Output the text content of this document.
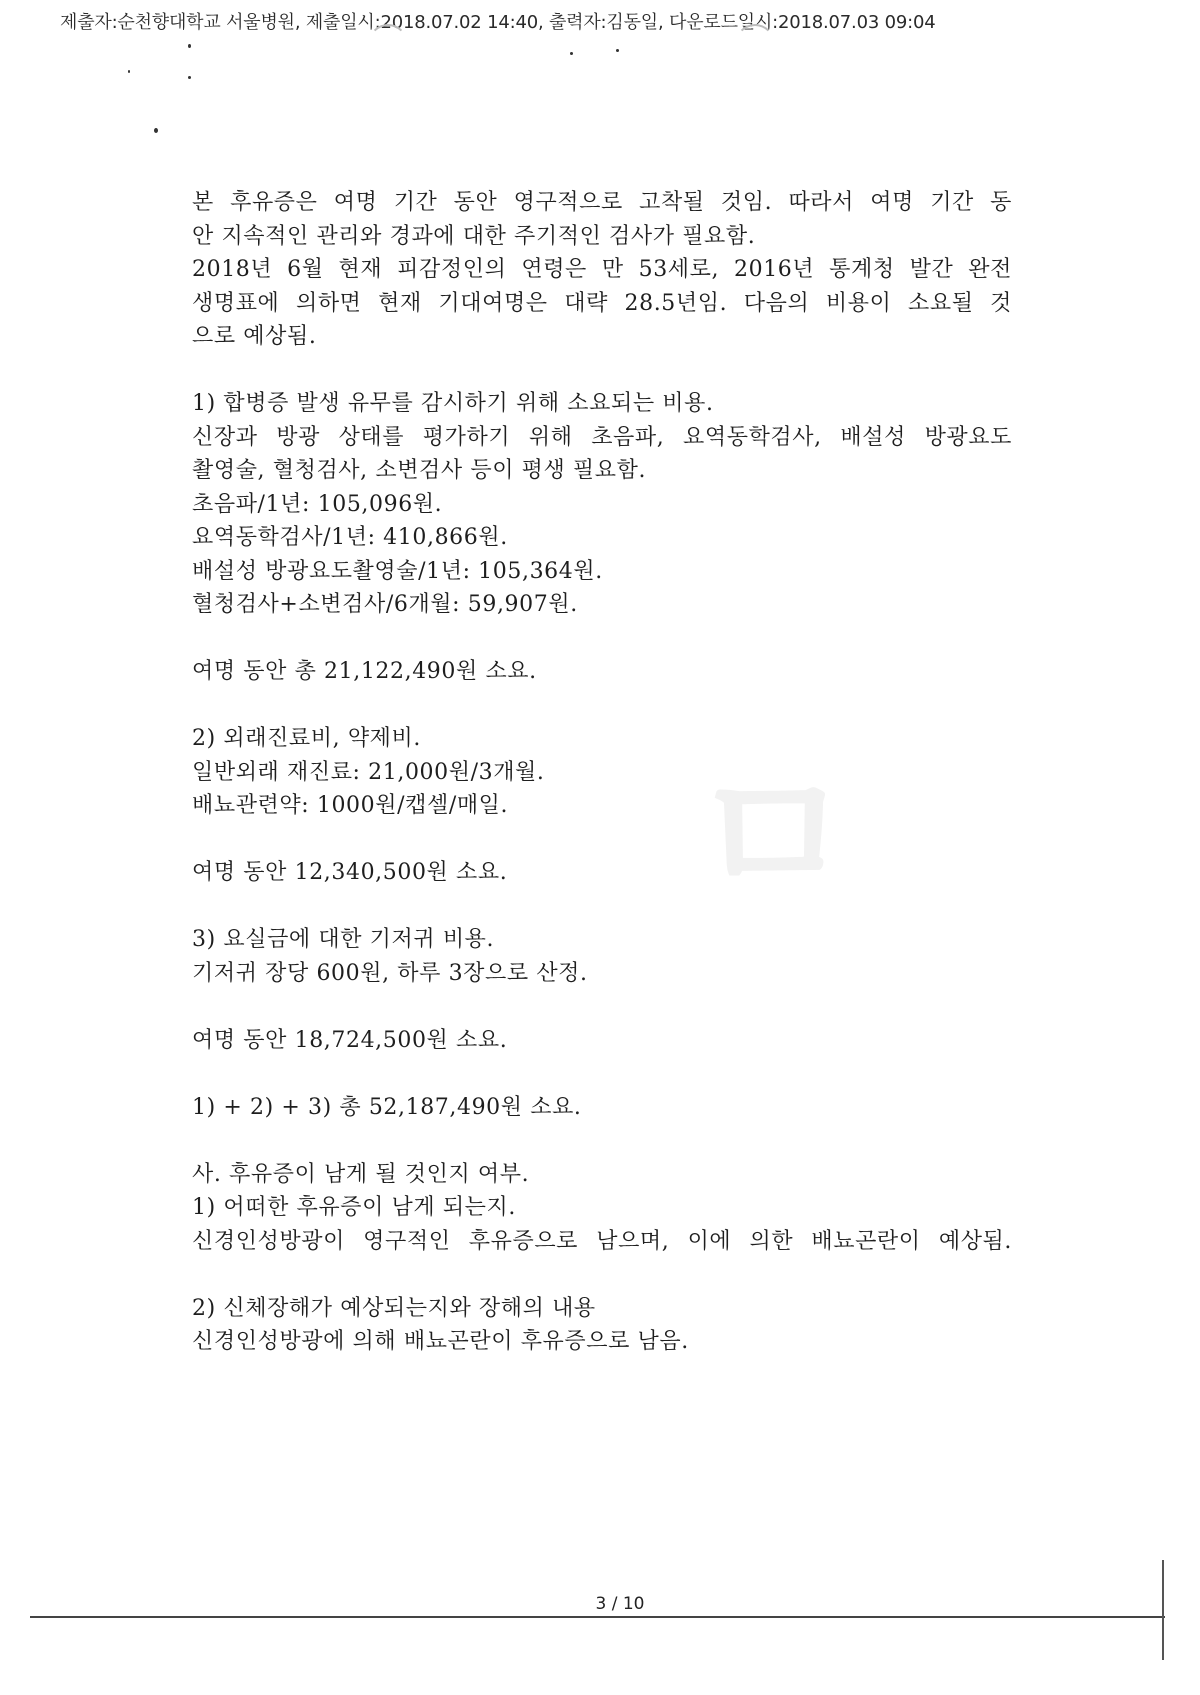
제출자:순천향대학교 서울병원, 제출일시:2018.07.02 14:40, 출력자:김동일, 다운로드일시:2018.07.03 09:04
ㅁ
본 후유증은 여명 기간 동안 영구적으로 고착될 것임. 따라서 여명 기간 동
안 지속적인 관리와 경과에 대한 주기적인 검사가 필요함.
2018년 6월 현재 피감정인의 연령은 만 53세로, 2016년 통계청 발간 완전
생명표에 의하면 현재 기대여명은 대략 28.5년임. 다음의 비용이 소요될 것
으로 예상됨.
1) 합병증 발생 유무를 감시하기 위해 소요되는 비용.
신장과 방광 상태를 평가하기 위해 초음파, 요역동학검사, 배설성 방광요도
촬영술, 혈청검사, 소변검사 등이 평생 필요함.
초음파/1년: 105,096원.
요역동학검사/1년: 410,866원.
배설성 방광요도촬영술/1년: 105,364원.
혈청검사+소변검사/6개월: 59,907원.
여명 동안 총 21,122,490원 소요.
2) 외래진료비, 약제비.
일반외래 재진료: 21,000원/3개월.
배뇨관련약: 1000원/캡셀/매일.
여명 동안 12,340,500원 소요.
3) 요실금에 대한 기저귀 비용.
기저귀 장당 600원, 하루 3장으로 산정.
여명 동안 18,724,500원 소요.
1) + 2) + 3) 총 52,187,490원 소요.
사. 후유증이 남게 될 것인지 여부.
1) 어떠한 후유증이 남게 되는지.
신경인성방광이 영구적인 후유증으로 남으며, 이에 의한 배뇨곤란이 예상됨.
2) 신체장해가 예상되는지와 장해의 내용
신경인성방광에 의해 배뇨곤란이 후유증으로 남음.
3 / 10
